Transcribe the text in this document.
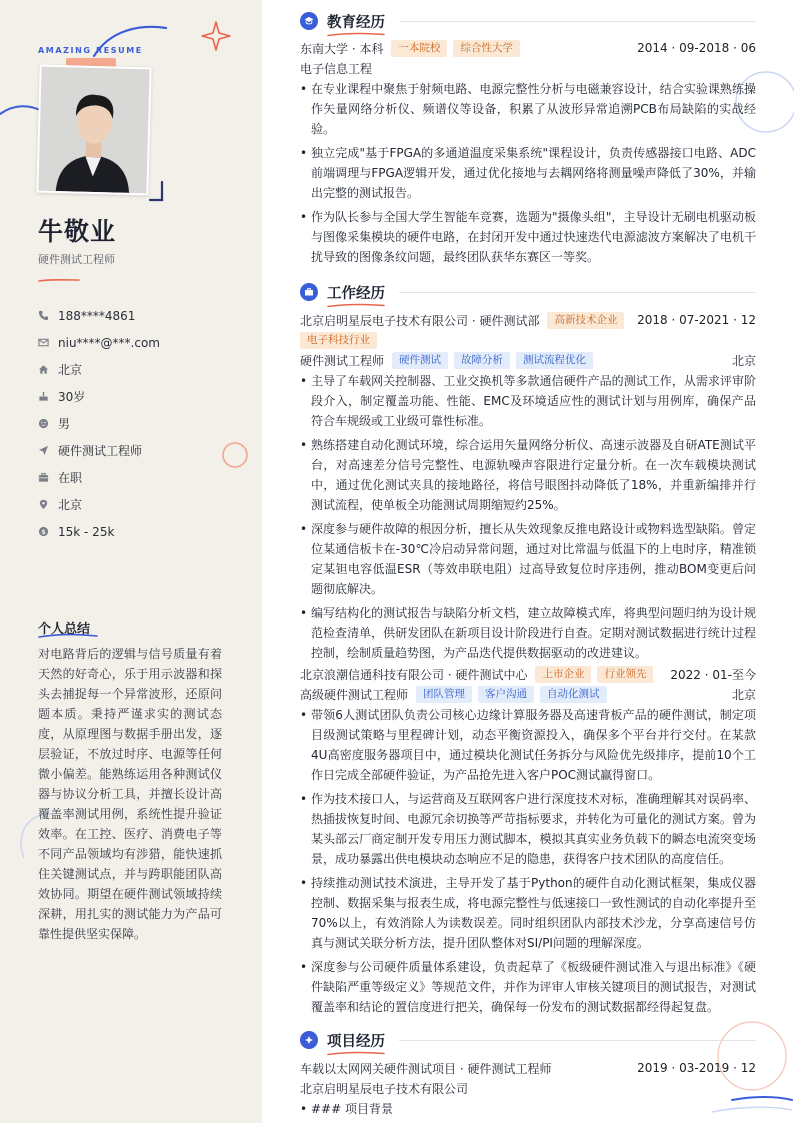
AMAZING RESUME
牛敬业
硬件测试工程师
188****4861
niu****@***.com
北京
30岁
男
硬件测试工程师
在职
北京
$ 15k - 25k
个人总结

对电路背后的逻辑与信号质量有着天然的好奇心，乐于用示波器和探头去捕捉每一个异常波形，还原问题本质。秉持严谨求实的测试态度，从原理图与数据手册出发，逐层验证，不放过时序、电源等任何微小偏差。能熟练运用各种测试仪器与协议分析工具，并擅长设计高覆盖率测试用例，系统性提升验证效率。在工控、医疗、消费电子等不同产品领域均有涉猎，能快速抓住关键测试点，并与跨职能团队高效协同。期望在硬件测试领域持续深耕，用扎实的测试能力为产品可靠性提供坚实保障。

教育经历
东南大学 · 本科	一本院校	综合性大学	2014 · 09-2018 · 06
电子信息工程
• 在专业课程中聚焦于射频电路、电源完整性分析与电磁兼容设计，结合实验课熟练操作矢量网络分析仪、频谱仪等设备，积累了从波形异常追溯PCB布局缺陷的实战经验。
• 独立完成"基于FPGA的多通道温度采集系统"课程设计，负责传感器接口电路、ADC前端调理与FPGA逻辑开发，通过优化接地与去耦网络将测量噪声降低了30%，并输出完整的测试报告。
• 作为队长参与全国大学生智能车竞赛，选题为"摄像头组"，主导设计无刷电机驱动板与图像采集模块的硬件电路，在封闭开发中通过快速迭代电源滤波方案解决了电机干扰导致的图像条纹问题，最终团队获华东赛区一等奖。
工作经历
北京启明星辰电子技术有限公司 · 硬件测试部	高新技术企业	2018 · 07-2021 · 12
电子科技行业
硬件测试工程师	硬件测试	故障分析	测试流程优化	北京
• 主导了车载网关控制器、工业交换机等多款通信硬件产品的测试工作，从需求评审阶段介入，制定覆盖功能、性能、EMC及环境适应性的测试计划与用例库，确保产品符合车规级或工业级可靠性标准。
• 熟练搭建自动化测试环境，综合运用矢量网络分析仪、高速示波器及自研ATE测试平台，对高速差分信号完整性、电源轨噪声容限进行定量分析。在一次车载模块测试中，通过优化测试夹具的接地路径，将信号眼图抖动降低了18%，并重新编排并行测试流程，使单板全功能测试周期缩短约25%。
• 深度参与硬件故障的根因分析，擅长从失效现象反推电路设计或物料选型缺陷。曾定位某通信板卡在-30℃冷启动异常问题，通过对比常温与低温下的上电时序，精准锁定某钽电容低温ESR（等效串联电阻）过高导致复位时序违例，推动BOM变更后问题彻底解决。
• 编写结构化的测试报告与缺陷分析文档，建立故障模式库，将典型问题归纳为设计规范检查清单，供研发团队在新项目设计阶段进行自查。定期对测试数据进行统计过程控制，绘制质量趋势图，为产品迭代提供数据驱动的改进建议。
北京浪潮信通科技有限公司 · 硬件测试中心	上市企业	行业领先	2022 · 01-至今
高级硬件测试工程师	团队管理	客户沟通	自动化测试	北京
• 带领6人测试团队负责公司核心边缘计算服务器及高速背板产品的硬件测试，制定项目级测试策略与里程碑计划，动态平衡资源投入，确保多个平台并行交付。在某款4U高密度服务器项目中，通过模块化测试任务拆分与风险优先级排序，提前10个工作日完成全部硬件验证，为产品抢先进入客户POC测试赢得窗口。
• 作为技术接口人，与运营商及互联网客户进行深度技术对标，准确理解其对误码率、热插拔恢复时间、电源冗余切换等严苛指标要求，并转化为可量化的测试方案。曾为某头部云厂商定制开发专用压力测试脚本，模拟其真实业务负载下的瞬态电流突变场景，成功暴露出供电模块动态响应不足的隐患，获得客户技术团队的高度信任。
• 持续推动测试技术演进，主导开发了基于Python的硬件自动化测试框架，集成仪器控制、数据采集与报表生成，将电源完整性与低速接口一致性测试的自动化率提升至70%以上，有效消除人为读数误差。同时组织团队内部技术沙龙，分享高速信号仿真与测试关联分析方法，提升团队整体对SI/PI问题的理解深度。
• 深度参与公司硬件质量体系建设，负责起草了《板级硬件测试准入与退出标准》《硬件缺陷严重等级定义》等规范文件，并作为评审人审核关键项目的测试报告，对测试覆盖率和结论的置信度进行把关，确保每一份发布的测试数据都经得起复盘。
项目经历
车载以太网网关硬件测试项目 · 硬件测试工程师	2019 · 03-2019 · 12
北京启明星辰电子技术有限公司
• ### 项目背景
